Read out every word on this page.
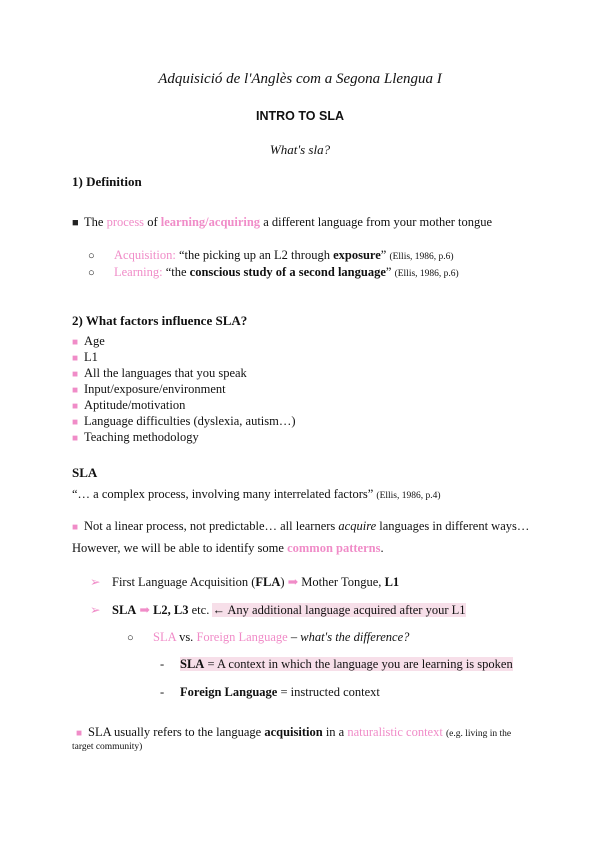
Adquisició de l'Anglès com a Segona Llengua I
INTRO TO SLA
What's sla?
1) Definition
■ The process of learning/acquiring a different language from your mother tongue
○ Acquisition: “the picking up an L2 through exposure” (Ellis, 1986, p.6)
○ Learning: “the conscious study of a second language” (Ellis, 1986, p.6)
2) What factors influence SLA?
■ Age
■ L1
■ All the languages that you speak
■ Input/exposure/environment
■ Aptitude/motivation
■ Language difficulties (dyslexia, autism…)
■ Teaching methodology
SLA
“… a complex process, involving many interrelated factors” (Ellis, 1986, p.4)
■ Not a linear process, not predictable… all learners acquire languages in different ways…
However, we will be able to identify some common patterns.
➢ First Language Acquisition (FLA) ➡ Mother Tongue, L1
➢ SLA ➡ L2, L3 etc. ← Any additional language acquired after your L1
○ SLA vs. Foreign Language – what's the difference?
- SLA = A context in which the language you are learning is spoken
- Foreign Language = instructed context
■ SLA usually refers to the language acquisition in a naturalistic context (e.g. living in the
target community)
